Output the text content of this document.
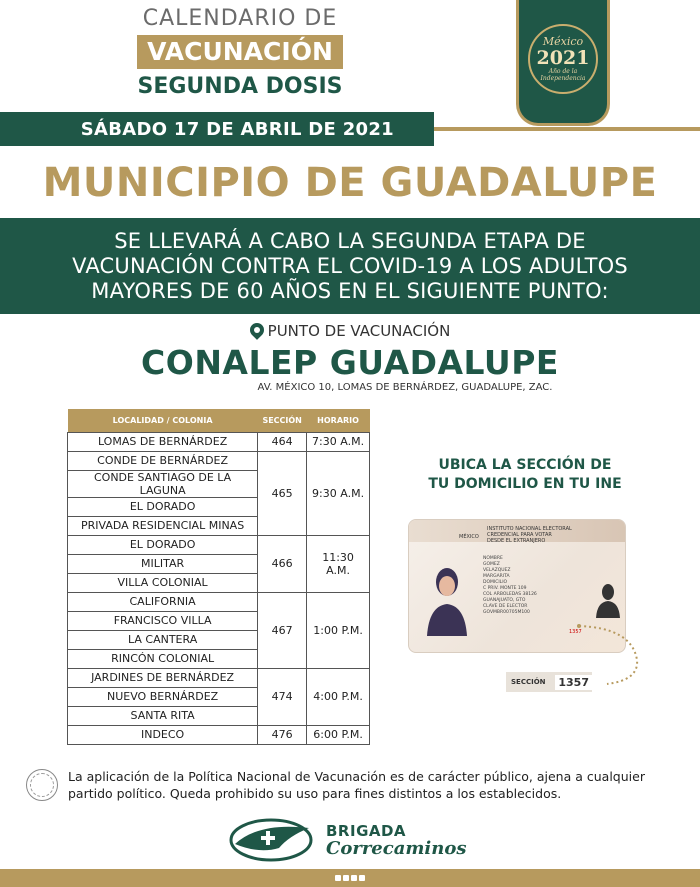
CALENDARIO DE
VACUNACIÓN
SEGUNDA DOSIS
México
2021
Año de la Independencia
SÁBADO 17 DE ABRIL DE 2021
MUNICIPIO DE GUADALUPE
SE LLEVARÁ A CABO LA SEGUNDA ETAPA DE
VACUNACIÓN CONTRA EL COVID-19 A LOS ADULTOS
MAYORES DE 60 AÑOS EN EL SIGUIENTE PUNTO:
PUNTO DE VACUNACIÓN
CONALEP GUADALUPE
AV. MÉXICO 10, LOMAS DE BERNÁRDEZ, GUADALUPE, ZAC.
LOCALIDAD / COLONIA	SECCIÓN	HORARIO
LOMAS DE BERNÁRDEZ	464	7:30 A.M.
CONDE DE BERNÁRDEZ	465	9:30 A.M.
CONDE SANTIAGO DE LA LAGUNA		
EL DORADO		
PRIVADA RESIDENCIAL MINAS		
EL DORADO	466	11:30 A.M.
MILITAR		
VILLA COLONIAL		
CALIFORNIA	467	1:00 P.M.
FRANCISCO VILLA		
LA CANTERA		
RINCÓN COLONIAL		
JARDINES DE BERNÁRDEZ	474	4:00 P.M.
NUEVO BERNÁRDEZ		
SANTA RITA		
INDECO	476	6:00 P.M.
UBICA LA SECCIÓN DE
TU DOMICILIO EN TU INE
MÉXICO
INSTITUTO NACIONAL ELECTORAL
CREDENCIAL PARA VOTAR
DESDE EL EXTRANJERO
NOMBRE
GOMEZ
VELAZQUEZ
MARGARITA
DOMICILIO
C PRIV. MONTE 109
COL ARBOLEDAS 38126
GUANAJUATO, GTO
CLAVE DE ELECTOR
GOVMBR00705M100
1357
SECCIÓN	1357
La aplicación de la Política Nacional de Vacunación es de carácter público, ajena a cualquier partido político. Queda prohibido su uso para fines distintos a los establecidos.
BRIGADA
Correcaminos
